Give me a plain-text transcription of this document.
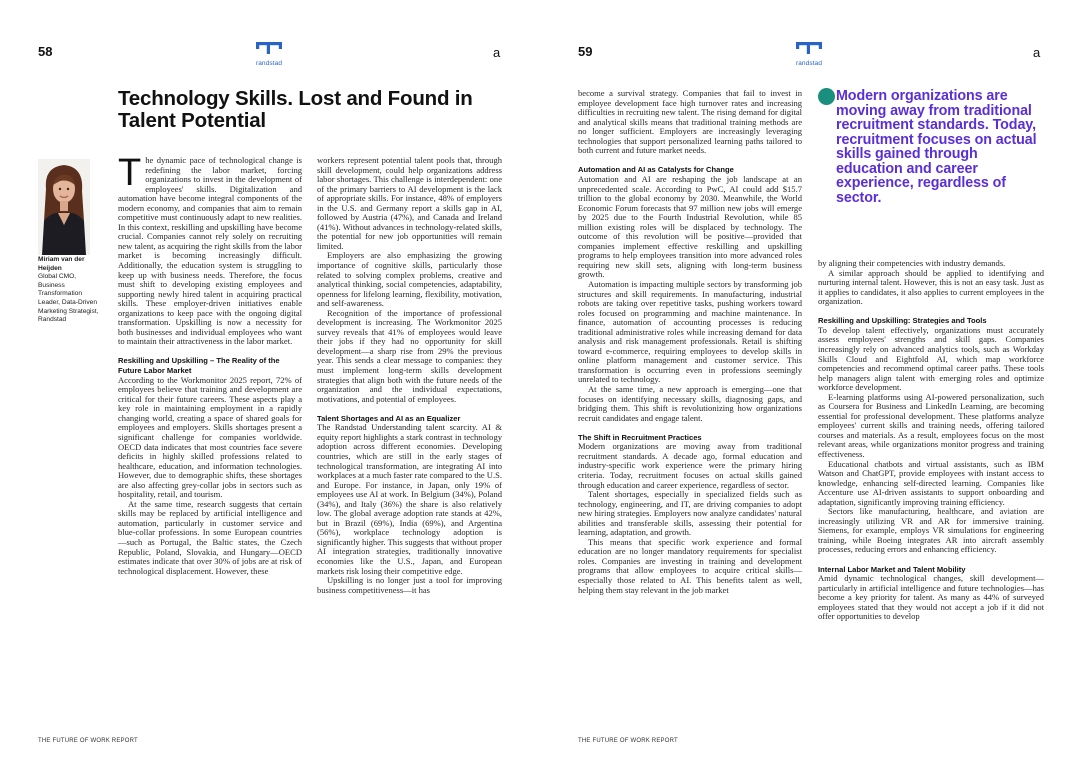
58
randstad
a
Technology Skills. Lost and Found in Talent Potential
Miriam van der Heijden
Global CMO, Business Transformation Leader, Data-Driven Marketing Strategist, Randstad
T he dynamic pace of technological change is redefining the labor market, forcing organizations to invest in the development of employees' skills. Digitalization and automation have become integral components of the modern economy, and companies that aim to remain competitive must continuously adapt to new realities. In this context, reskilling and upskilling have become crucial. Companies cannot rely solely on recruiting new talent, as acquiring the right skills from the labor market is becoming increasingly difficult. Additionally, the education system is struggling to keep up with business needs. Therefore, the focus must shift to developing existing employees and supporting newly hired talent in acquiring practical skills. These employer-driven initiatives enable organizations to keep pace with the ongoing digital transformation. Upskilling is now a necessity for both businesses and individual employees who want to maintain their attractiveness in the labor market.

Reskilling and Upskilling – The Reality of the Future Labor Market

According to the Workmonitor 2025 report, 72% of employees believe that training and development are critical for their future careers. These aspects play a key role in maintaining employment in a rapidly changing world, creating a space of shared goals for employees and employers. Skills shortages present a significant challenge for companies worldwide. OECD data indicates that most countries face severe deficits in highly skilled professions related to healthcare, education, and information technologies. However, due to demographic shifts, these shortages are also affecting grey-collar jobs in sectors such as hospitality, retail, and tourism.

At the same time, research suggests that certain skills may be replaced by artificial intelligence and automation, particularly in customer service and blue-collar professions. In some European countries—such as Portugal, the Baltic states, the Czech Republic, Poland, Slovakia, and Hungary—OECD estimates indicate that over 30% of jobs are at risk of technological displacement. However, these

workers represent potential talent pools that, through skill development, could help organizations address labor shortages. This challenge is interdependent: one of the primary barriers to AI development is the lack of appropriate skills. For instance, 48% of employers in the U.S. and Germany report a skills gap in AI, followed by Austria (47%), and Canada and Ireland (41%). Without advances in technology-related skills, the potential for new job opportunities will remain limited.

Employers are also emphasizing the growing importance of cognitive skills, particularly those related to solving complex problems, creative and analytical thinking, social competencies, adaptability, openness for lifelong learning, flexibility, motivation, and self-awareness.

Recognition of the importance of professional development is increasing. The Workmonitor 2025 survey reveals that 41% of employees would leave their jobs if they had no opportunity for skill development—a sharp rise from 29% the previous year. This sends a clear message to companies: they must implement long-term skills development strategies that align both with the future needs of the organization and the individual expectations, motivations, and potential of employees.

Talent Shortages and AI as an Equalizer

The Randstad Understanding talent scarcity. AI & equity report highlights a stark contrast in technology adoption across different economies. Developing countries, which are still in the early stages of technological transformation, are integrating AI into workplaces at a much faster rate compared to the U.S. and Europe. For instance, in Japan, only 19% of employees use AI at work. In Belgium (34%), Poland (34%), and Italy (36%) the share is also relatively low. The global average adoption rate stands at 42%, but in Brazil (69%), India (69%), and Argentina (56%), workplace technology adoption is significantly higher. This suggests that without proper AI integration strategies, traditionally innovative economies like the U.S., Japan, and European markets risk losing their competitive edge.

Upskilling is no longer just a tool for improving business competitiveness—it has

THE FUTURE OF WORK REPORT
59
randstad
a

become a survival strategy. Companies that fail to invest in employee development face high turnover rates and increasing difficulties in recruiting new talent. The rising demand for digital and analytical skills means that traditional training methods are no longer sufficient. Employers are increasingly leveraging technologies that support personalized learning paths tailored to both current and future market needs.

Automation and AI as Catalysts for Change

Automation and AI are reshaping the job landscape at an unprecedented scale. According to PwC, AI could add $15.7 trillion to the global economy by 2030. Meanwhile, the World Economic Forum forecasts that 97 million new jobs will emerge by 2025 due to the Fourth Industrial Revolution, while 85 million existing roles will be displaced by technology. The outcome of this revolution will be positive—provided that companies implement effective reskilling and upskilling programs to help employees transition into more advanced roles requiring new skill sets, aligning with long-term business growth.

Automation is impacting multiple sectors by transforming job structures and skill requirements. In manufacturing, industrial robots are taking over repetitive tasks, pushing workers toward roles focused on programming and machine maintenance. In finance, automation of accounting processes is reducing traditional administrative roles while increasing demand for data analysis and risk management professionals. Retail is shifting toward e-commerce, requiring employees to develop skills in online platform management and customer service. This transformation is occurring even in professions seemingly unrelated to technology.

At the same time, a new approach is emerging—one that focuses on identifying necessary skills, diagnosing gaps, and bridging them. This shift is revolutionizing how organizations recruit candidates and engage talent.

The Shift in Recruitment Practices

Modern organizations are moving away from traditional recruitment standards. A decade ago, formal education and industry-specific work experience were the primary hiring criteria. Today, recruitment focuses on actual skills gained through education and career experience, regardless of sector.

Talent shortages, especially in specialized fields such as technology, engineering, and IT, are driving companies to adopt new hiring strategies. Employers now analyze candidates' natural abilities and transferable skills, assessing their potential for learning, adaptation, and growth.

This means that specific work experience and formal education are no longer mandatory requirements for specialist roles. Companies are investing in training and development programs that allow employees to acquire critical skills—especially those related to AI. This benefits talent as well, helping them stay relevant in the job market

by aligning their competencies with industry demands.

A similar approach should be applied to identifying and nurturing internal talent. However, this is not an easy task. Just as it applies to candidates, it also applies to current employees in the organization.

Reskilling and Upskilling: Strategies and Tools

To develop talent effectively, organizations must accurately assess employees' strengths and skill gaps. Companies increasingly rely on advanced analytics tools, such as Workday Skills Cloud and Eightfold AI, which map workforce competencies and recommend optimal career paths. These tools help managers align talent with emerging roles and optimize workforce development.

E-learning platforms using AI-powered personalization, such as Coursera for Business and LinkedIn Learning, are becoming essential for professional development. These platforms analyze employees' current skills and training needs, offering tailored courses and materials. As a result, employees focus on the most relevant areas, while organizations monitor progress and training effectiveness.

Educational chatbots and virtual assistants, such as IBM Watson and ChatGPT, provide employees with instant access to knowledge, enhancing self-directed learning. Companies like Accenture use AI-driven assistants to support onboarding and adaptation, significantly improving training efficiency.

Sectors like manufacturing, healthcare, and aviation are increasingly utilizing VR and AR for immersive training. Siemens, for example, employs VR simulations for engineering training, while Boeing integrates AR into aircraft assembly processes, reducing errors and enhancing efficiency.

Internal Labor Market and Talent Mobility

Amid dynamic technological changes, skill development—particularly in artificial intelligence and future technologies—has become a key priority for talent. As many as 44% of surveyed employees stated that they would not accept a job if it did not offer opportunities to develop

THE FUTURE OF WORK REPORT
Modern organizations are moving away from traditional recruitment standards. Today, recruitment focuses on actual skills gained through education and career experience, regardless of sector.
